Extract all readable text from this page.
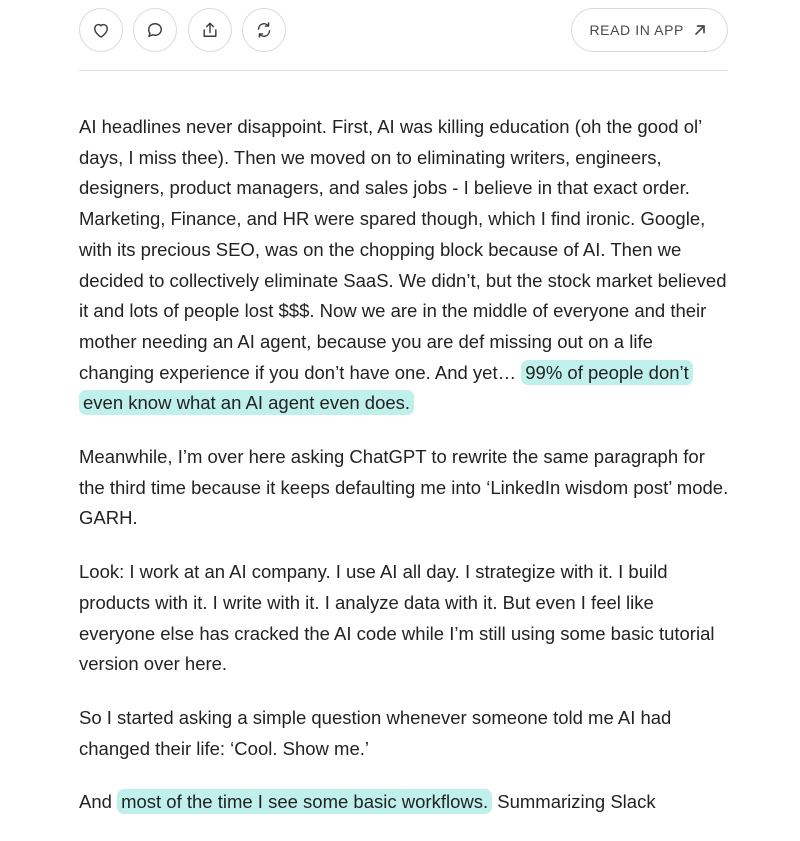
READ IN APP

AI headlines never disappoint. First, AI was killing education (oh the good ol’ days, I miss thee). Then we moved on to eliminating writers, engineers, designers, product managers, and sales jobs - I believe in that exact order. Marketing, Finance, and HR were spared though, which I find ironic. Google, with its precious SEO, was on the chopping block because of AI. Then we decided to collectively eliminate SaaS. We didn’t, but the stock market believed it and lots of people lost $$$. Now we are in the middle of everyone and their mother needing an AI agent, because you are def missing out on a life changing experience if you don’t have one. And yet… 99% of people don’t even know what an AI agent even does.

Meanwhile, I’m over here asking ChatGPT to rewrite the same paragraph for the third time because it keeps defaulting me into ‘LinkedIn wisdom post’ mode. GARH.

Look: I work at an AI company. I use AI all day. I strategize with it. I build products with it. I write with it. I analyze data with it. But even I feel like everyone else has cracked the AI code while I’m still using some basic tutorial version over here.

So I started asking a simple question whenever someone told me AI had changed their life: ‘Cool. Show me.’

And most of the time I see some basic workflows. Summarizing Slack
